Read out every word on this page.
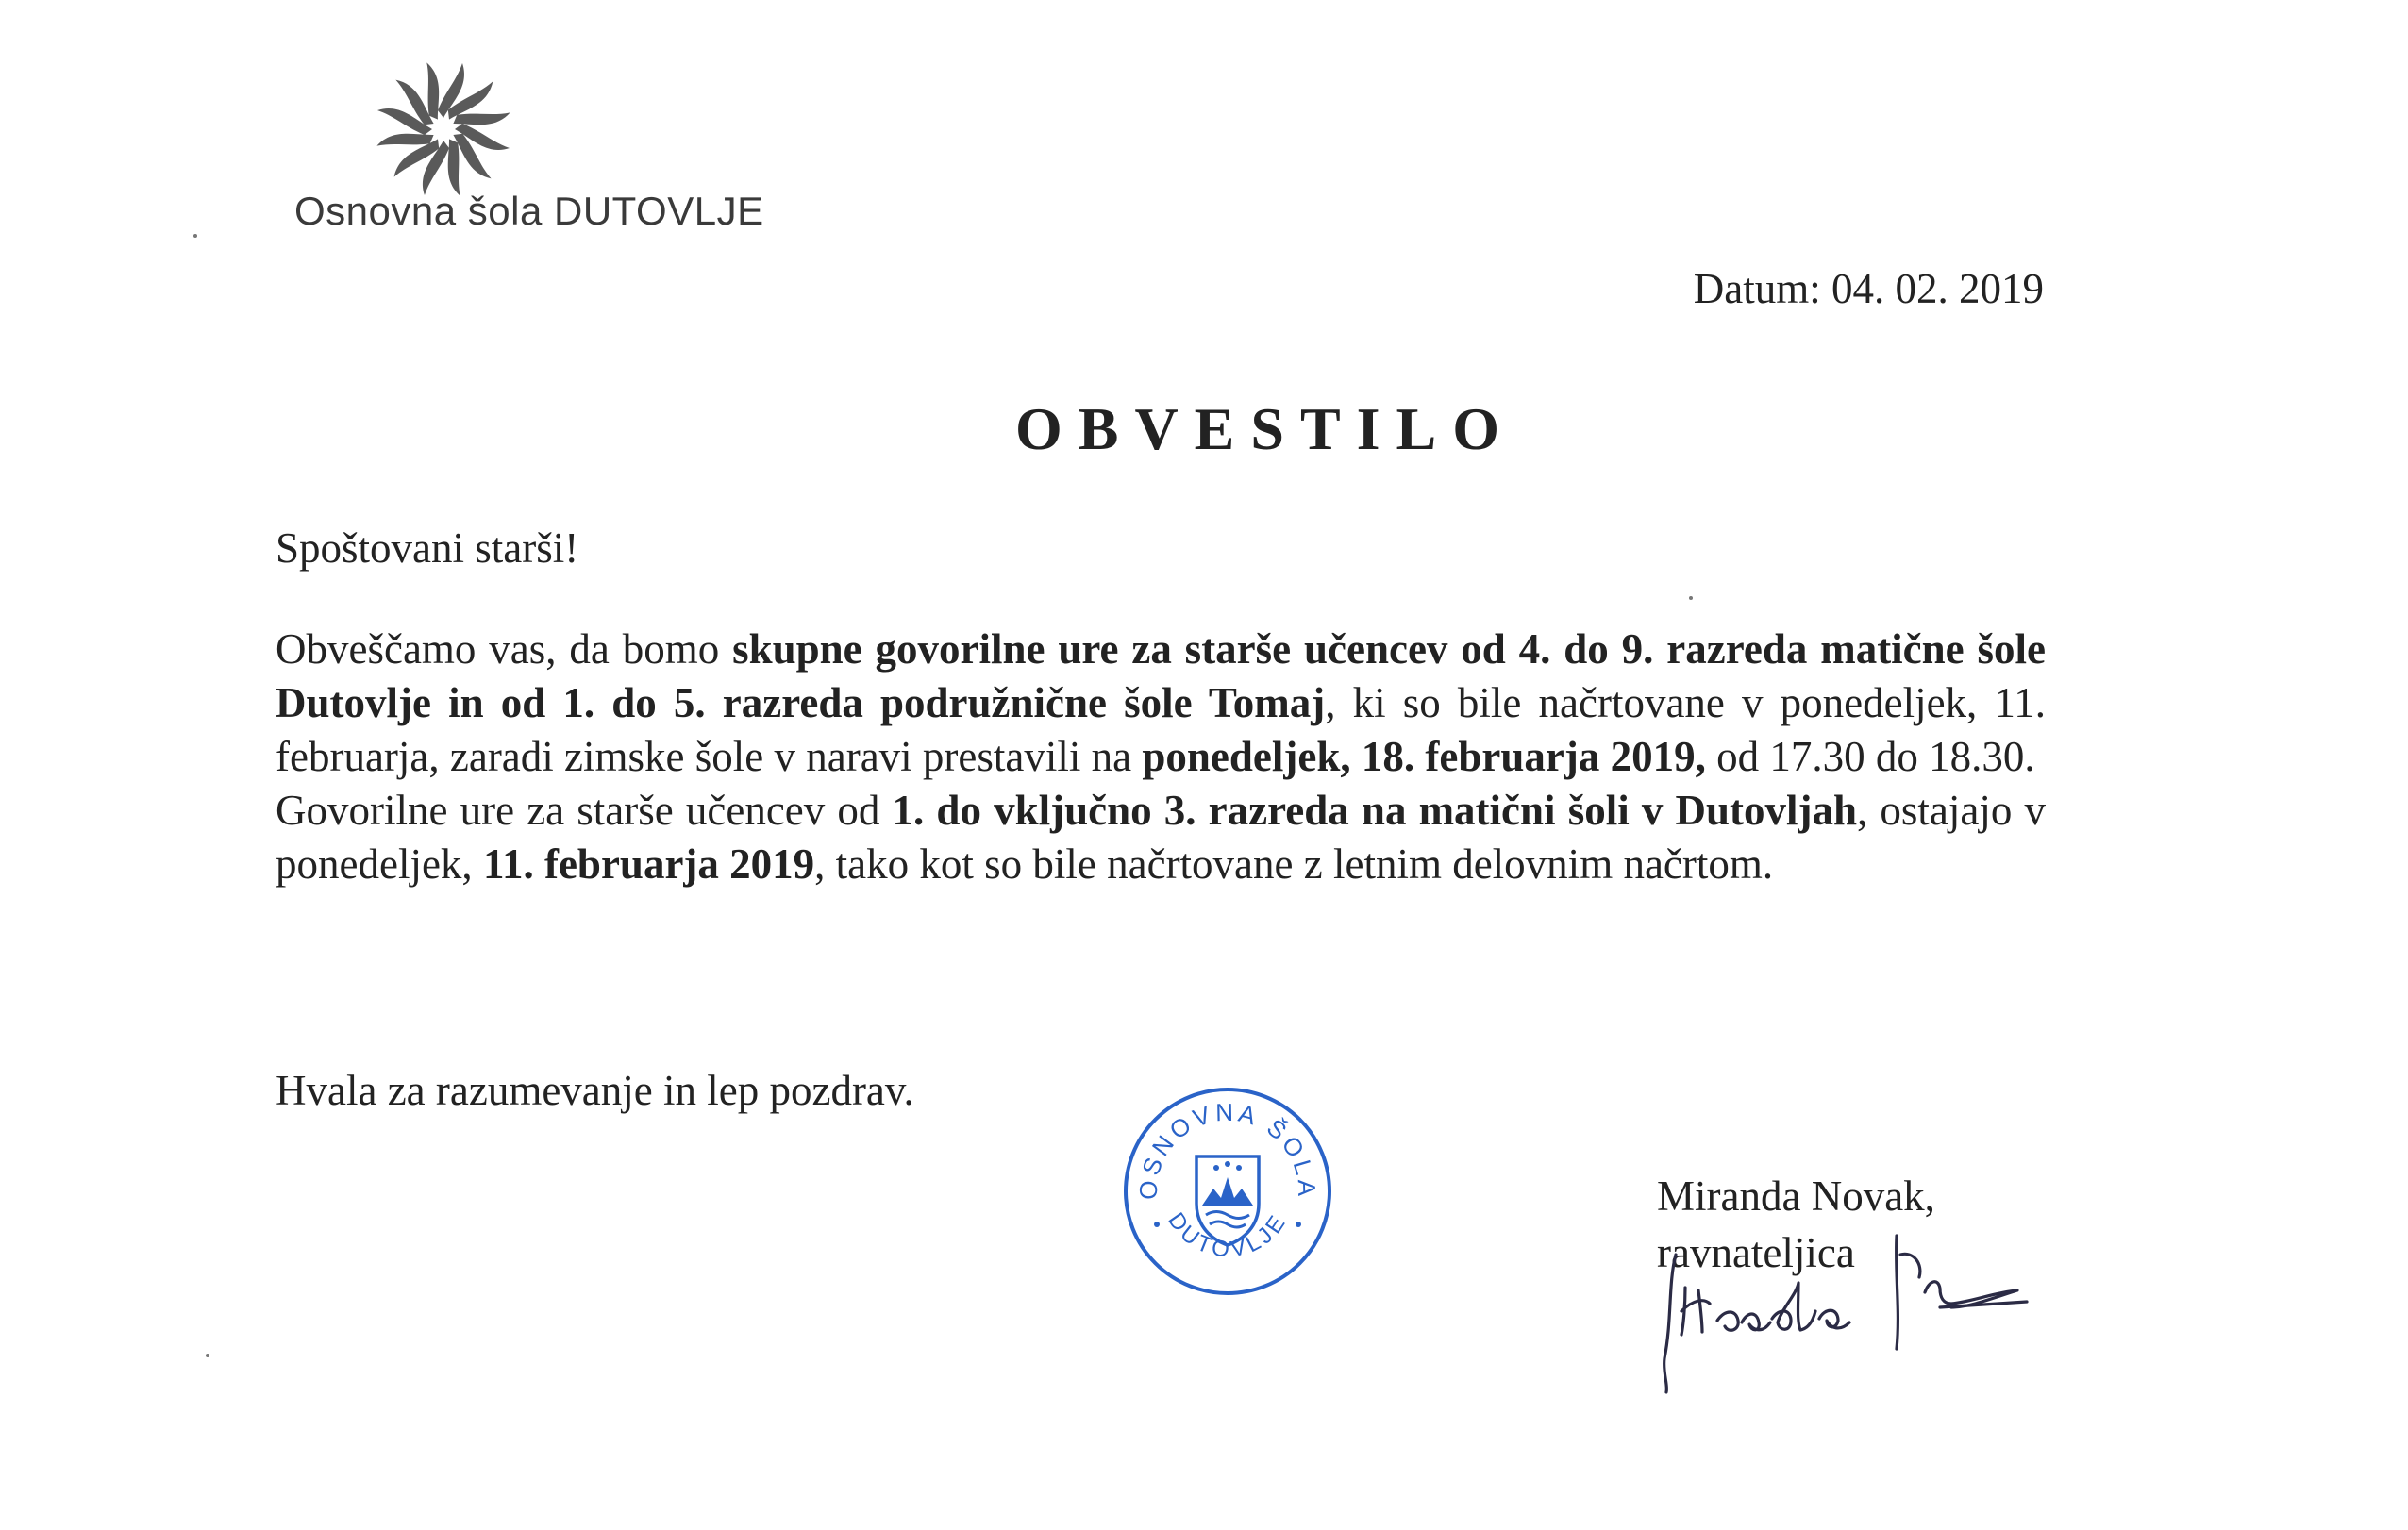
Osnovna šola DUTOVLJE
Datum: 04. 02. 2019
OBVESTILO
Spoštovani starši!

Obveščamo vas, da bomo skupne govorilne ure za starše učencev od 4. do 9. razreda matične šole Dutovlje in od 1. do 5. razreda podružnične šole Tomaj, ki so bile načrtovane v ponedeljek, 11. februarja, zaradi zimske šole v naravi prestavili na ponedeljek, 18. februarja 2019, od 17.30 do 18.30.

Govorilne ure za starše učencev od 1. do vključno 3. razreda na matični šoli v Dutovljah, ostajajo v ponedeljek, 11. februarja 2019, tako kot so bile načrtovane z letnim delovnim načrtom.

Hvala za razumevanje in lep pozdrav.
OSNOVNA ŠOLA
DUTOVLJE
Miranda Novak,
ravnateljica
